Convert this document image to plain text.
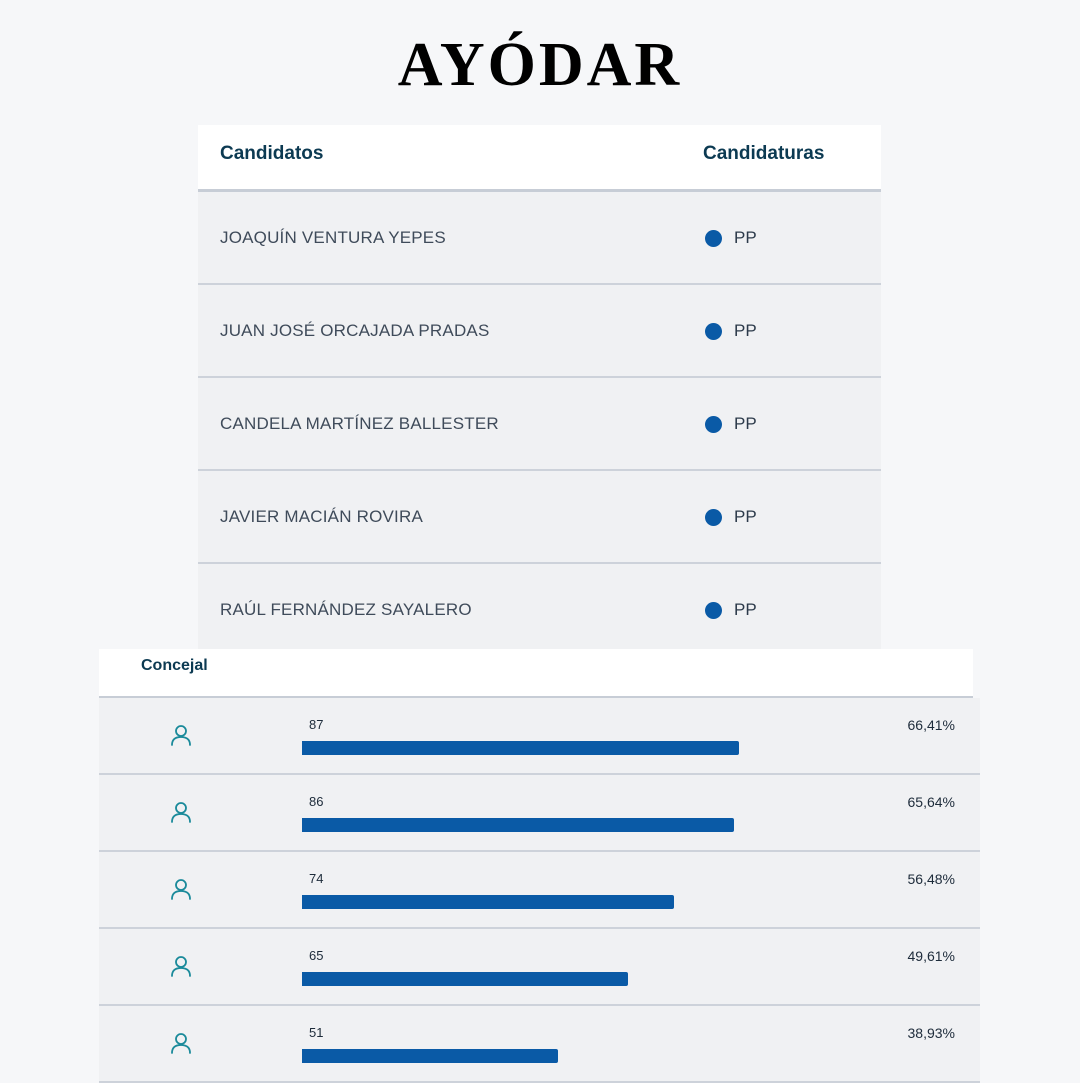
AYÓDAR
Candidatos	Candidaturas
JOAQUÍN VENTURA YEPES	PP
JUAN JOSÉ ORCAJADA PRADAS	PP
CANDELA MARTÍNEZ BALLESTER	PP
JAVIER MACIÁN ROVIRA	PP
RAÚL FERNÁNDEZ SAYALERO	PP
Concejal
87	66,41%
86	65,64%
74	56,48%
65	49,61%
51	38,93%
